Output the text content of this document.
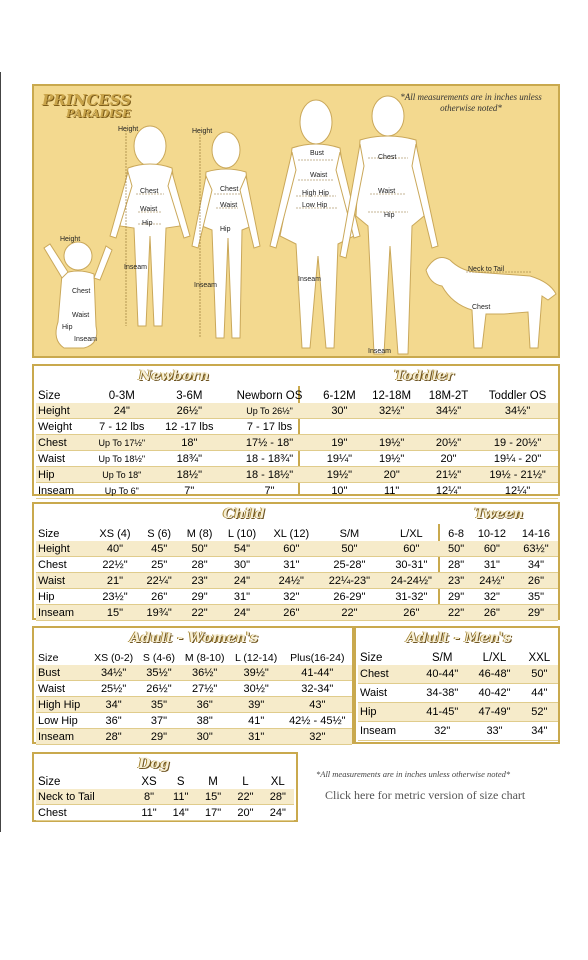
PRINCESS
PARADISE
*All measurements are in inches unless otherwise noted*
Height
Height	Height
Chest
Waist
Hip
Inseam
Chest
Waist
Hip
Inseam
Bust
Waist
High Hip
Low Hip
Inseam
Chest
Waist
Hip
Inseam
Chest
Waist
Hip
Inseam
Neck to Tail
Chest
Newborn	Toddler
Size	0-3M	3-6M	Newborn OS	6-12M	12-18M	18M-2T	Toddler OS
Height	24"	26½"	Up To 26½"	30"	32½"	34½"	34½"
Weight	7 - 12 lbs	12 -17 lbs	7 - 17 lbs				
Chest	Up To 17½"	18"	17½ - 18"	19"	19½"	20½"	19 - 20½"
Waist	Up To 18½"	18¾"	18 - 18¾"	19¼"	19½"	20"	19¼ - 20"
Hip	Up To 18"	18½"	18 - 18½"	19½"	20"	21½"	19½ - 21½"
Inseam	Up To 6"	7"	7"	10"	11"	12¼"	12¼"
Child	Tween
Size	XS (4)	S (6)	M (8)	L (10)	XL (12)	S/M	L/XL	6-8	10-12	14-16
Height	40"	45"	50"	54"	60"	50"	60"	50"	60"	63½"
Chest	22½"	25"	28"	30"	31"	25-28"	30-31"	28"	31"	34"
Waist	21"	22¼"	23"	24"	24½"	22¼-23"	24-24½"	23"	24½"	26"
Hip	23½"	26"	29"	31"	32"	26-29"	31-32"	29"	32"	35"
Inseam	15"	19¾"	22"	24"	26"	22"	26"	22"	26"	29"
Adult - Women's
Size	XS (0-2)	S (4-6)	M (8-10)	L (12-14)	Plus(16-24)
Bust	34½"	35½"	36½"	39½"	41-44"
Waist	25½"	26½"	27½"	30½"	32-34"
High Hip	34"	35"	36"	39"	43"
Low Hip	36"	37"	38"	41"	42½ - 45½"
Inseam	28"	29"	30"	31"	32"
Adult - Men's
Size	S/M	L/XL	XXL
Chest	40-44"	46-48"	50"
Waist	34-38"	40-42"	44"
Hip	41-45"	47-49"	52"
Inseam	32"	33"	34"
Dog
Size	XS	S	M	L	XL
Neck to Tail	8"	11"	15"	22"	28"
Chest	11"	14"	17"	20"	24"
*All measurements are in inches unless otherwise noted*
Click here for metric version of size chart
